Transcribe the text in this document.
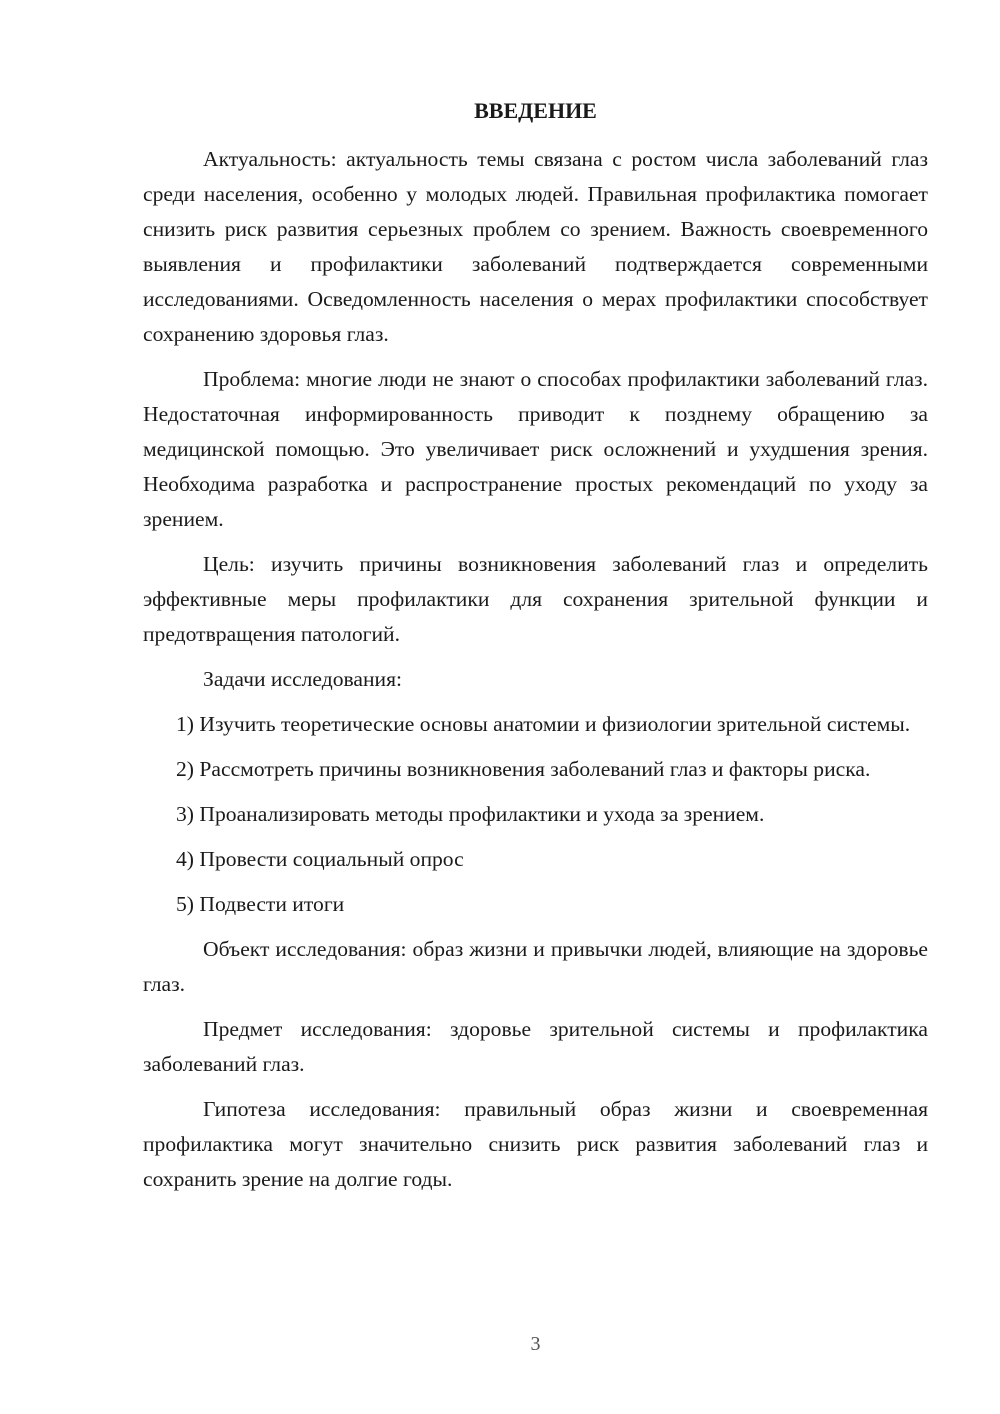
ВВЕДЕНИЕ

Актуальность: актуальность темы связана с ростом числа заболеваний глаз среди населения, особенно у молодых людей. Правильная профилактика помогает снизить риск развития серьезных проблем со зрением. Важность своевременного выявления и профилактики заболеваний подтверждается современными исследованиями. Осведомленность населения о мерах профилактики способствует сохранению здоровья глаз.

Проблема: многие люди не знают о способах профилактики заболеваний глаз. Недостаточная информированность приводит к позднему обращению за медицинской помощью. Это увеличивает риск осложнений и ухудшения зрения. Необходима разработка и распространение простых рекомендаций по уходу за зрением.

Цель: изучить причины возникновения заболеваний глаз и определить эффективные меры профилактики для сохранения зрительной функции и предотвращения патологий.

Задачи исследования:

1) Изучить теоретические основы анатомии и физиологии зрительной системы.

2) Рассмотреть причины возникновения заболеваний глаз и факторы риска.

3) Проанализировать методы профилактики и ухода за зрением.

4) Провести социальный опрос

5) Подвести итоги

Объект исследования: образ жизни и привычки людей, влияющие на здоровье глаз.

Предмет исследования: здоровье зрительной системы и профилактика заболеваний глаз.

Гипотеза исследования: правильный образ жизни и своевременная профилактика могут значительно снизить риск развития заболеваний глаз и сохранить зрение на долгие годы.

3
